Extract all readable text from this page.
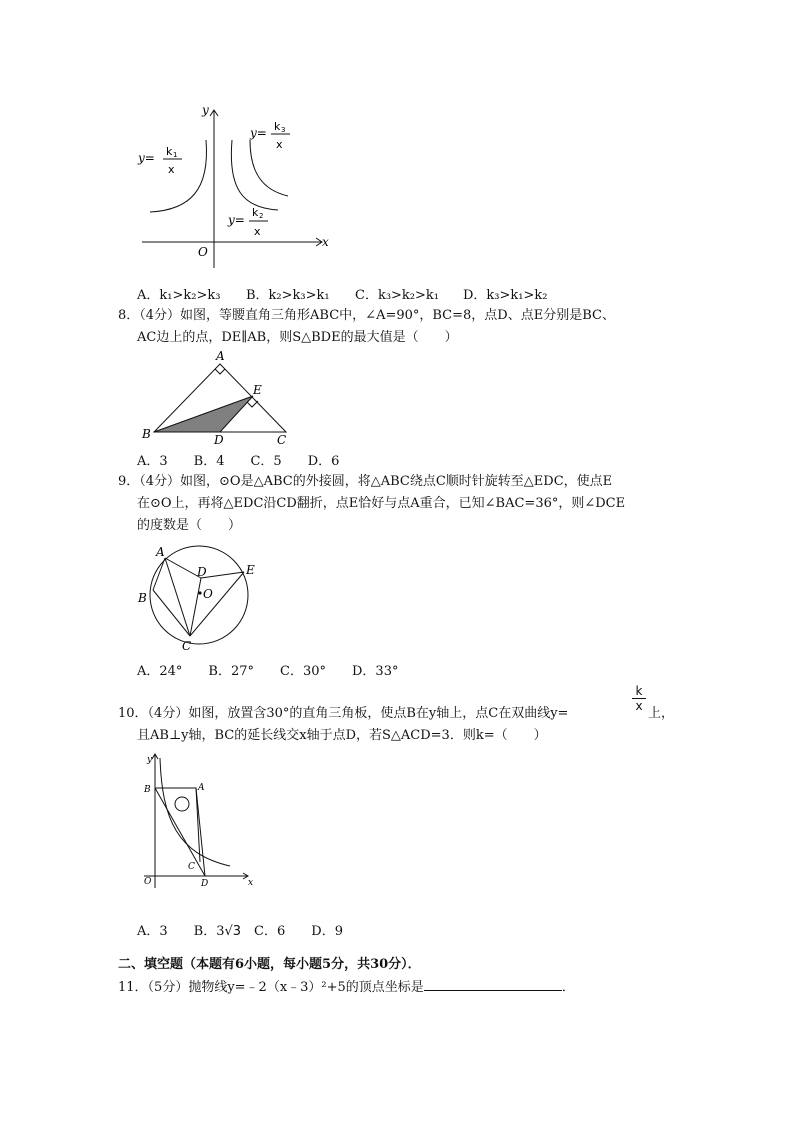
y
x
O
y= k 1
x
y= k 3
x
y=
k 2
x
A．k₁>k₂>k₃ B．k₂>k₃>k₁ C．k₃>k₂>k₁ D．k₃>k₁>k₂
8．（4分）如图，等腰直角三角形ABC中，∠A=90°，BC=8，点D、点E分别是BC、
AC边上的点，DE∥AB，则S△BDE的最大值是（　　）
A
B	C
D
E
A．3　　B．4　　C．5　　D．6
9．（4分）如图，⊙O是△ABC的外接圆，将△ABC绕点C顺时针旋转至△EDC，使点E
在⊙O上，再将△EDC沿CD翻折，点E恰好与点A重合，已知∠BAC=36°，则∠DCE
的度数是（　　）
A
B
C
D	E
O
A．24°　　B．27°　　C．30°　　D．33°
$\frac{k}{x}$
10．（4分）如图，放置含30°的直角三角板，使点B在y轴上，点C在双曲线y=	上，
且AB⊥y轴，BC的延长线交x轴于点D，若S△ACD=3．则k=（　　）
y
x
O
A
B
C
D
A．3　　B．3√3　C．6　　D．9
二、填空题（本题有6小题，每小题5分，共30分）．
11．（5分）抛物线y=﹣2（x﹣3）²+5的顶点坐标是	．
